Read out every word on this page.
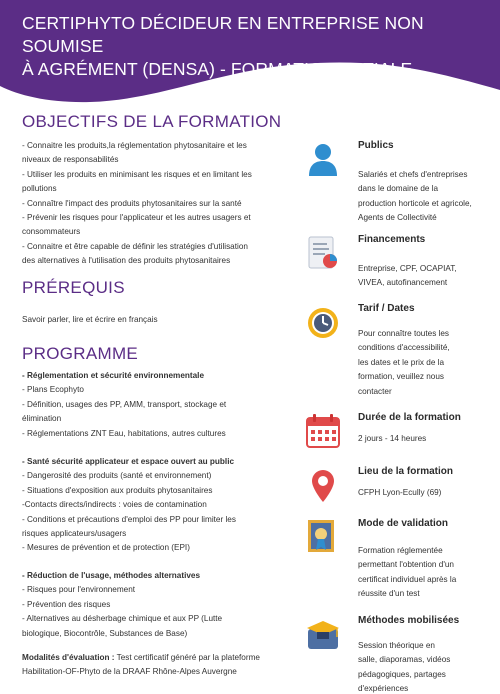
CERTIPHYTO DÉCIDEUR EN ENTREPRISE NON SOUMISE
À AGRÉMENT (DENSA) - FORMATION INITIALE
OBJECTIFS DE LA FORMATION
- Connaitre les produits,la réglementation phytosanitaire et les
niveaux de responsabilités
- Utiliser les produits en minimisant les risques et en limitant les
pollutions
- Connaître l'impact des produits phytosanitaires sur la santé
- Prévenir les risques pour l'applicateur et les autres usagers et
consommateurs
- Connaitre et être capable de définir les stratégies d'utilisation
des alternatives à l'utilisation des produits phytosanitaires
PRÉREQUIS
Savoir parler, lire et écrire en français
PROGRAMME
- Réglementation et sécurité environnementale
- Plans Ecophyto
- Définition, usages des PP, AMM, transport, stockage et
élimination
- Réglementations ZNT Eau, habitations, autres cultures
- Santé sécurité applicateur et espace ouvert au public
- Dangerosité des produits (santé et environnement)
- Situations d'exposition aux produits phytosanitaires
-Contacts directs/indirects : voies de contamination
- Conditions et précautions d'emploi des PP pour limiter les
risques applicateurs/usagers
- Mesures de prévention et de protection (EPI)
- Réduction de l'usage, méthodes alternatives
- Risques pour l'environnement
- Prévention des risques
- Alternatives au désherbage chimique et aux PP (Lutte
biologique, Biocontrôle, Substances de Base)
Modalités d'évaluation : Test certificatif généré par la plateforme
Habilitation-OF-Phyto de la DRAAF Rhône-Alpes Auvergne
Publics
Salariés et chefs d'entreprises
dans le domaine de la
production horticole et agricole,
Agents de Collectivité
Financements
Entreprise, CPF, OCAPIAT,
VIVEA, autofinancement
Tarif / Dates
Pour connaître toutes les
conditions d'accessibilité,
les dates et le prix de la
formation, veuillez nous
contacter
Durée de la formation
2 jours - 14 heures
Lieu de la formation
CFPH Lyon-Ecully (69)
Mode de validation
Formation réglementée
permettant l'obtention d'un
certificat individuel après la
réussite d'un test
Méthodes mobilisées
Session théorique en
salle, diaporamas, vidéos
pédagogiques, partages
d'expériences
